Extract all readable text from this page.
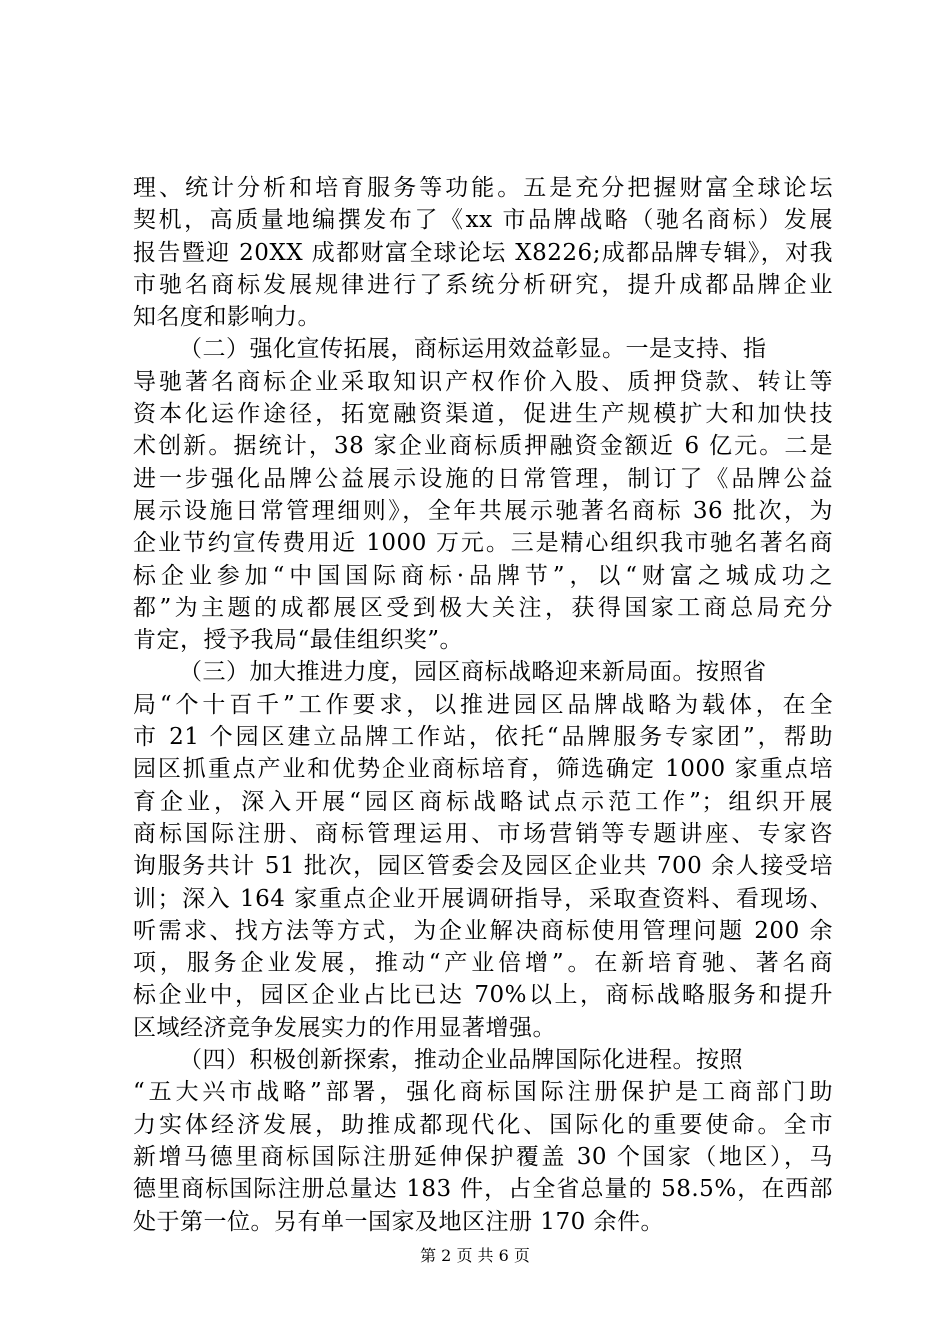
理、统计分析和培育服务等功能。五是充分把握财富全球论坛
契机，高质量地编撰发布了《xx 市品牌战略（驰名商标）发展
报告暨迎 20XX 成都财富全球论坛 X8226;成都品牌专辑》，对我
市驰名商标发展规律进行了系统分析研究，提升成都品牌企业
知名度和影响力。
（二）强化宣传拓展，商标运用效益彰显。一是支持、指
导驰著名商标企业采取知识产权作价入股、质押贷款、转让等
资本化运作途径，拓宽融资渠道，促进生产规模扩大和加快技
术创新。据统计，38 家企业商标质押融资金额近 6 亿元。二是
进一步强化品牌公益展示设施的日常管理，制订了《品牌公益
展示设施日常管理细则》，全年共展示驰著名商标 36 批次，为
企业节约宣传费用近 1000 万元。三是精心组织我市驰名著名商
标企业参加“中国国际商标·品牌节”，以“财富之城成功之
都”为主题的成都展区受到极大关注，获得国家工商总局充分
肯定，授予我局“最佳组织奖”。
（三）加大推进力度，园区商标战略迎来新局面。按照省
局“个十百千”工作要求，以推进园区品牌战略为载体，在全
市 21 个园区建立品牌工作站，依托“品牌服务专家团”，帮助
园区抓重点产业和优势企业商标培育，筛选确定 1000 家重点培
育企业，深入开展“园区商标战略试点示范工作”；组织开展
商标国际注册、商标管理运用、市场营销等专题讲座、专家咨
询服务共计 51 批次，园区管委会及园区企业共 700 余人接受培
训；深入 164 家重点企业开展调研指导，采取查资料、看现场、
听需求、找方法等方式，为企业解决商标使用管理问题 200 余
项，服务企业发展，推动“产业倍增”。在新培育驰、著名商
标企业中，园区企业占比已达 70%以上，商标战略服务和提升
区域经济竞争发展实力的作用显著增强。
（四）积极创新探索，推动企业品牌国际化进程。按照
“五大兴市战略”部署，强化商标国际注册保护是工商部门助
力实体经济发展，助推成都现代化、国际化的重要使命。全市
新增马德里商标国际注册延伸保护覆盖 30 个国家（地区），马
德里商标国际注册总量达 183 件，占全省总量的 58.5%，在西部
处于第一位。另有单一国家及地区注册 170 余件。
第 2 页 共 6 页
